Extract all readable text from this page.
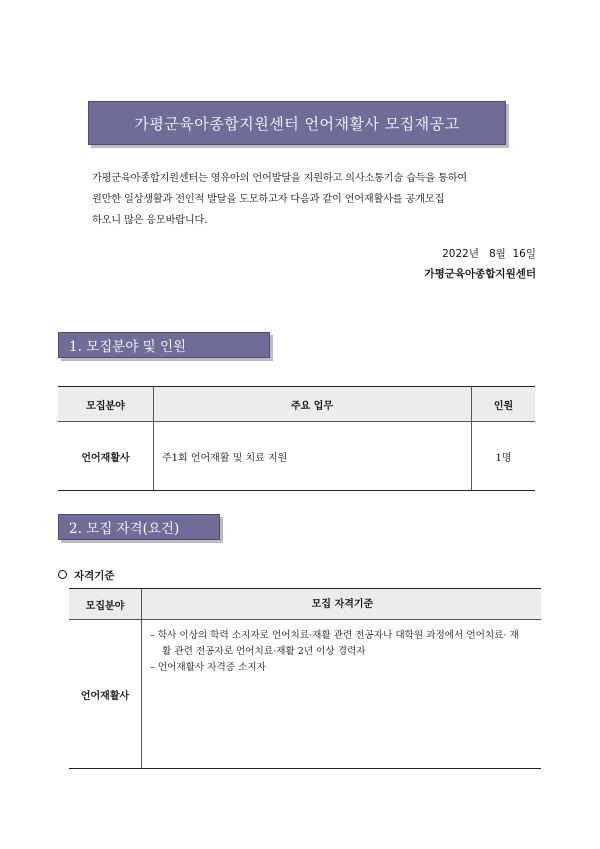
가평군육아종합지원센터 언어재활사 모집재공고
가평군육아종합지원센터는 영유아의 언어발달을 지원하고 의사소통기술 습득을 통하여
원만한 일상생활과 전인적 발달을 도모하고자 다음과 같이 언어재활사를 공개모집
하오니 많은 응모바랍니다.
2022년   8월  16일
가평군육아종합지원센터
1. 모집분야 및 인원
모집분야	주요 업무	인원
언어재활사	주1회 언어재활 및 치료 지원	1명
2. 모집 자격(요건)
자격기준
모집분야	모집 자격기준
언어재활사	– 학사 이상의 학력 소지자로 언어치료·재활 관련 전공자나 대학원 과정에서 언어치료· 재
활 관련 전공자로 언어치료·재활 2년 이상 경력자
– 언어재활사 자격증 소지자
